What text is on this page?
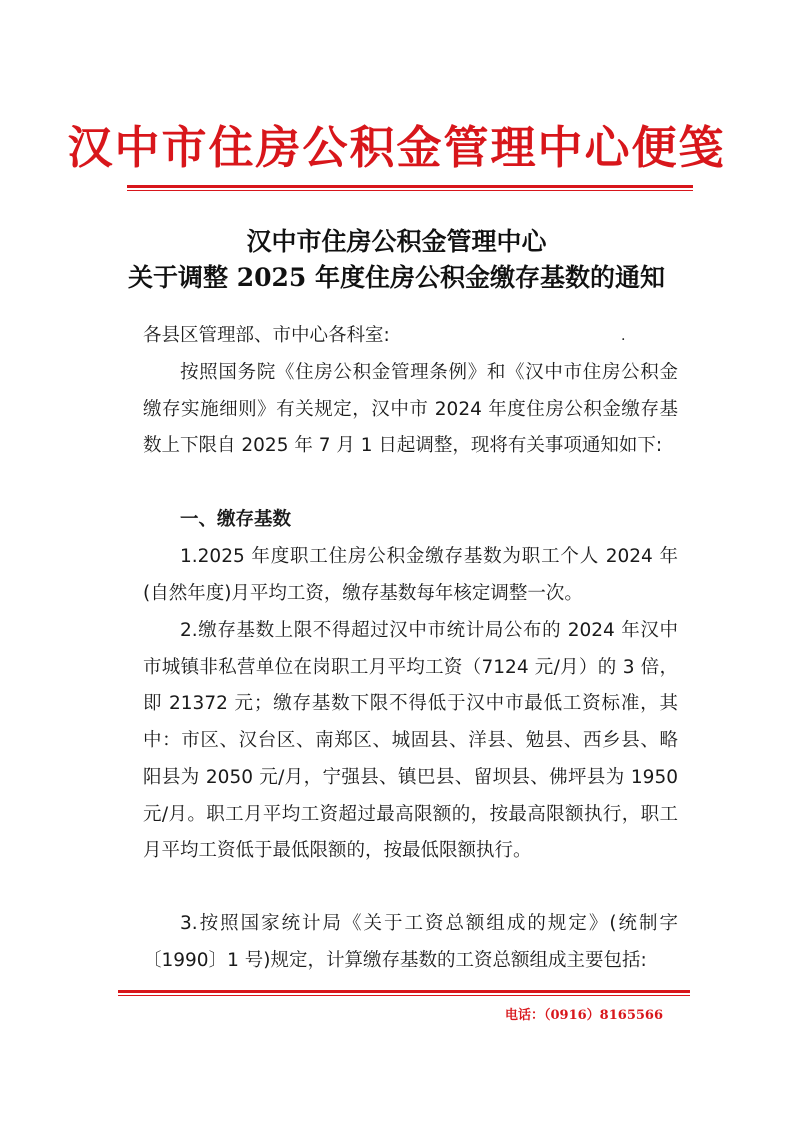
汉中市住房公积金管理中心便笺
汉中市住房公积金管理中心
关于调整 2025 年度住房公积金缴存基数的通知
各县区管理部、市中心各科室:	.
按照国务院《住房公积金管理条例》和《汉中市住房公积金缴存实施细则》有关规定，汉中市 2024 年度住房公积金缴存基数上下限自 2025 年 7 月 1 日起调整，现将有关事项通知如下:
一、缴存基数
1.2025 年度职工住房公积金缴存基数为职工个人 2024 年(自然年度)月平均工资，缴存基数每年核定调整一次。
2.缴存基数上限不得超过汉中市统计局公布的 2024 年汉中市城镇非私营单位在岗职工月平均工资（7124 元/月）的 3 倍，即 21372 元；缴存基数下限不得低于汉中市最低工资标准，其中：市区、汉台区、南郑区、城固县、洋县、勉县、西乡县、略阳县为 2050 元/月，宁强县、镇巴县、留坝县、佛坪县为 1950 元/月。职工月平均工资超过最高限额的，按最高限额执行，职工月平均工资低于最低限额的，按最低限额执行。
3.按照国家统计局《关于工资总额组成的规定》(统制字〔1990〕1 号)规定，计算缴存基数的工资总额组成主要包括:
电话：（0916）8165566
